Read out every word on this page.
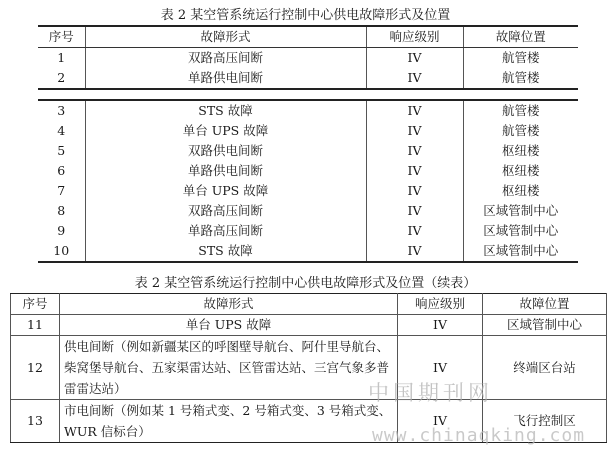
表 2 某空管系统运行控制中心供电故障形式及位置
序号	故障形式	响应级别	故障位置
1	双路高压间断	IV	航管楼
2	单路供电间断	IV	航管楼
3	STS 故障	IV	航管楼
4	单台 UPS 故障	IV	航管楼
5	双路供电间断	IV	枢纽楼
6	单路供电间断	IV	枢纽楼
7	单台 UPS 故障	IV	枢纽楼
8	双路高压间断	IV	区域管制中心
9	单路高压间断	IV	区域管制中心
10	STS 故障	IV	区域管制中心
表 2 某空管系统运行控制中心供电故障形式及位置（续表）
序号	故障形式	响应级别	故障位置
11	单台 UPS 故障	IV	区域管制中心
12	供电间断（例如新疆某区的呼图壁导航台、阿什里导航台、柴窝堡导航台、五家渠雷达站、区管雷达站、三宫气象多普雷雷达站）	IV	终端区台站
13	市电间断（例如某 1 号箱式变、2 号箱式变、3 号箱式变、WUR 信标台）	IV	飞行控制区
中国期刊网
www.chinaqking.com
